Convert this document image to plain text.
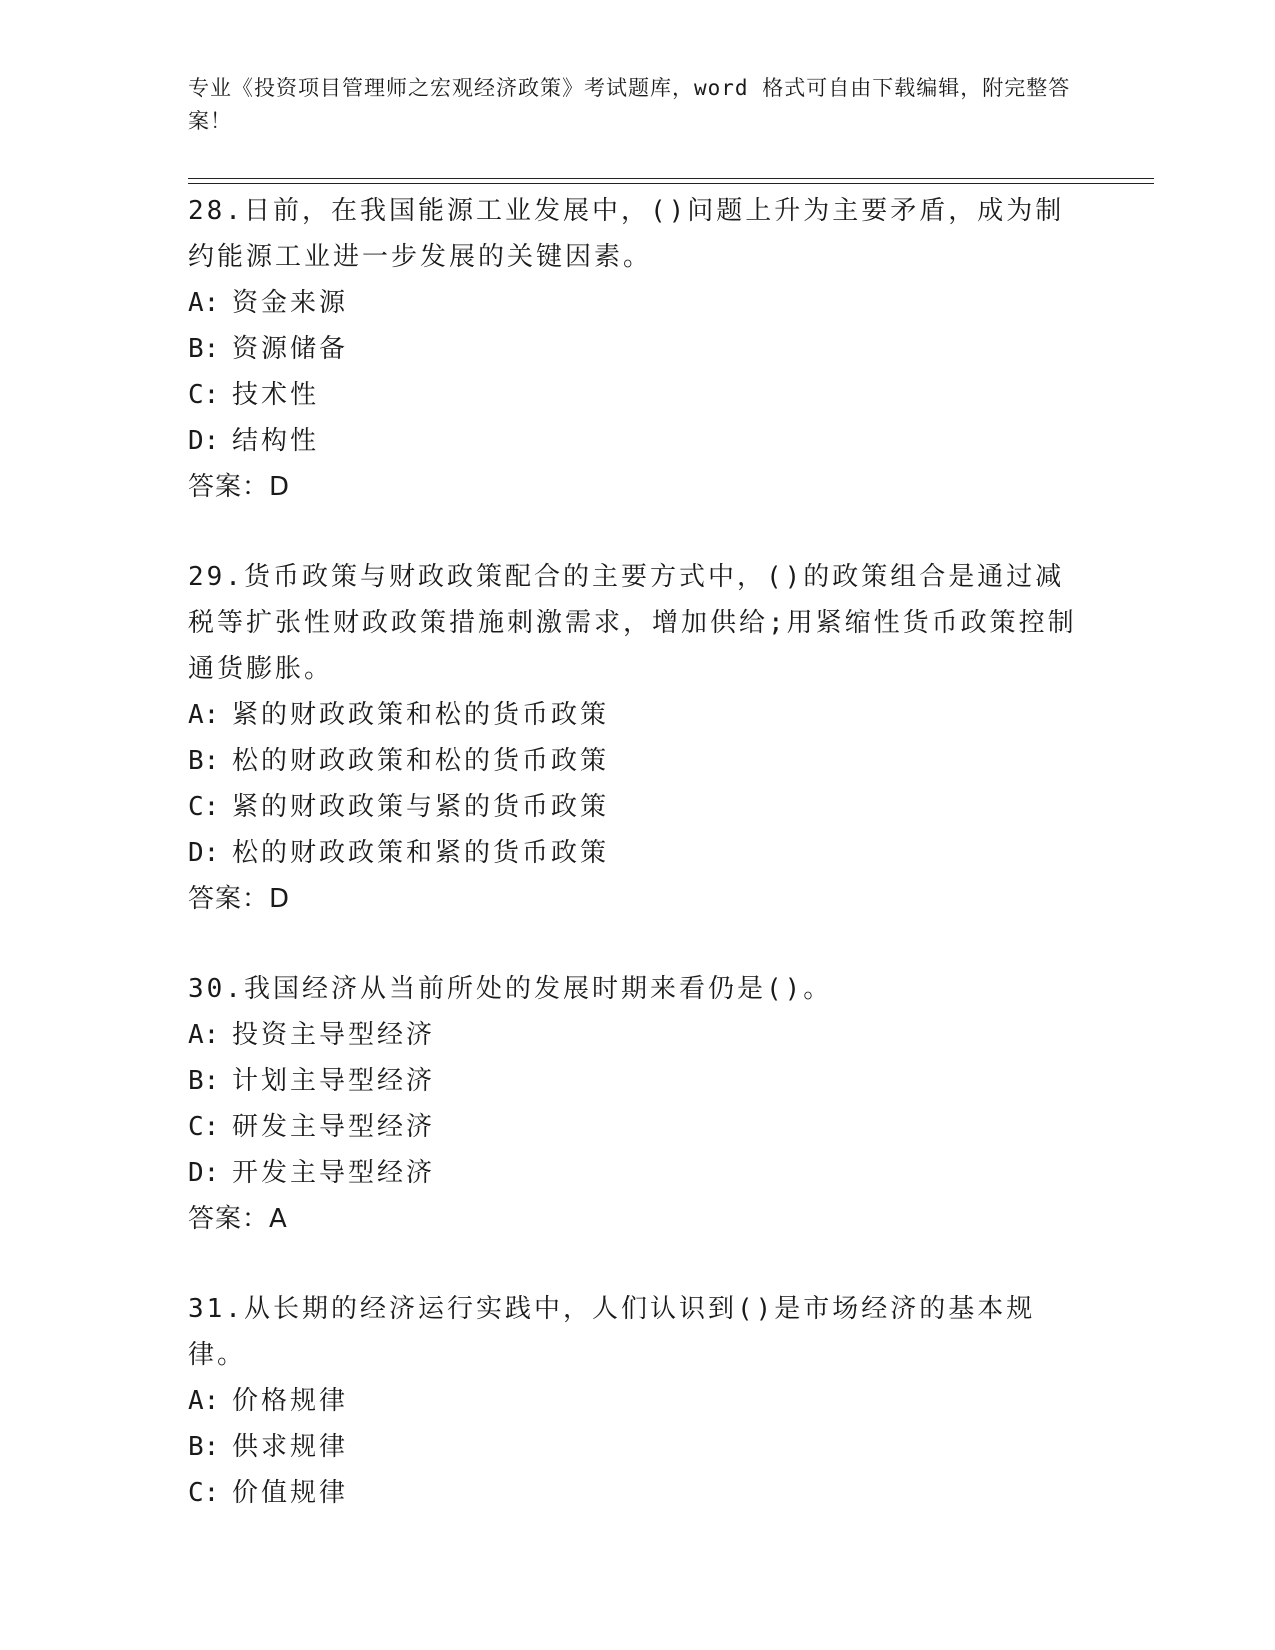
专业《投资项目管理师之宏观经济政策》考试题库，word 格式可自由下载编辑，附完整答案！
28.日前，在我国能源工业发展中，()问题上升为主要矛盾，成为制约能源工业进一步发展的关键因素。
A: 资金来源
B: 资源储备
C: 技术性
D: 结构性
答案：D
29.货币政策与财政政策配合的主要方式中，()的政策组合是通过减税等扩张性财政政策措施刺激需求，增加供给;用紧缩性货币政策控制通货膨胀。
A: 紧的财政政策和松的货币政策
B: 松的财政政策和松的货币政策
C: 紧的财政政策与紧的货币政策
D: 松的财政政策和紧的货币政策
答案：D
30.我国经济从当前所处的发展时期来看仍是()。
A: 投资主导型经济
B: 计划主导型经济
C: 研发主导型经济
D: 开发主导型经济
答案：A
31.从长期的经济运行实践中，人们认识到()是市场经济的基本规律。
A: 价格规律
B: 供求规律
C: 价值规律
